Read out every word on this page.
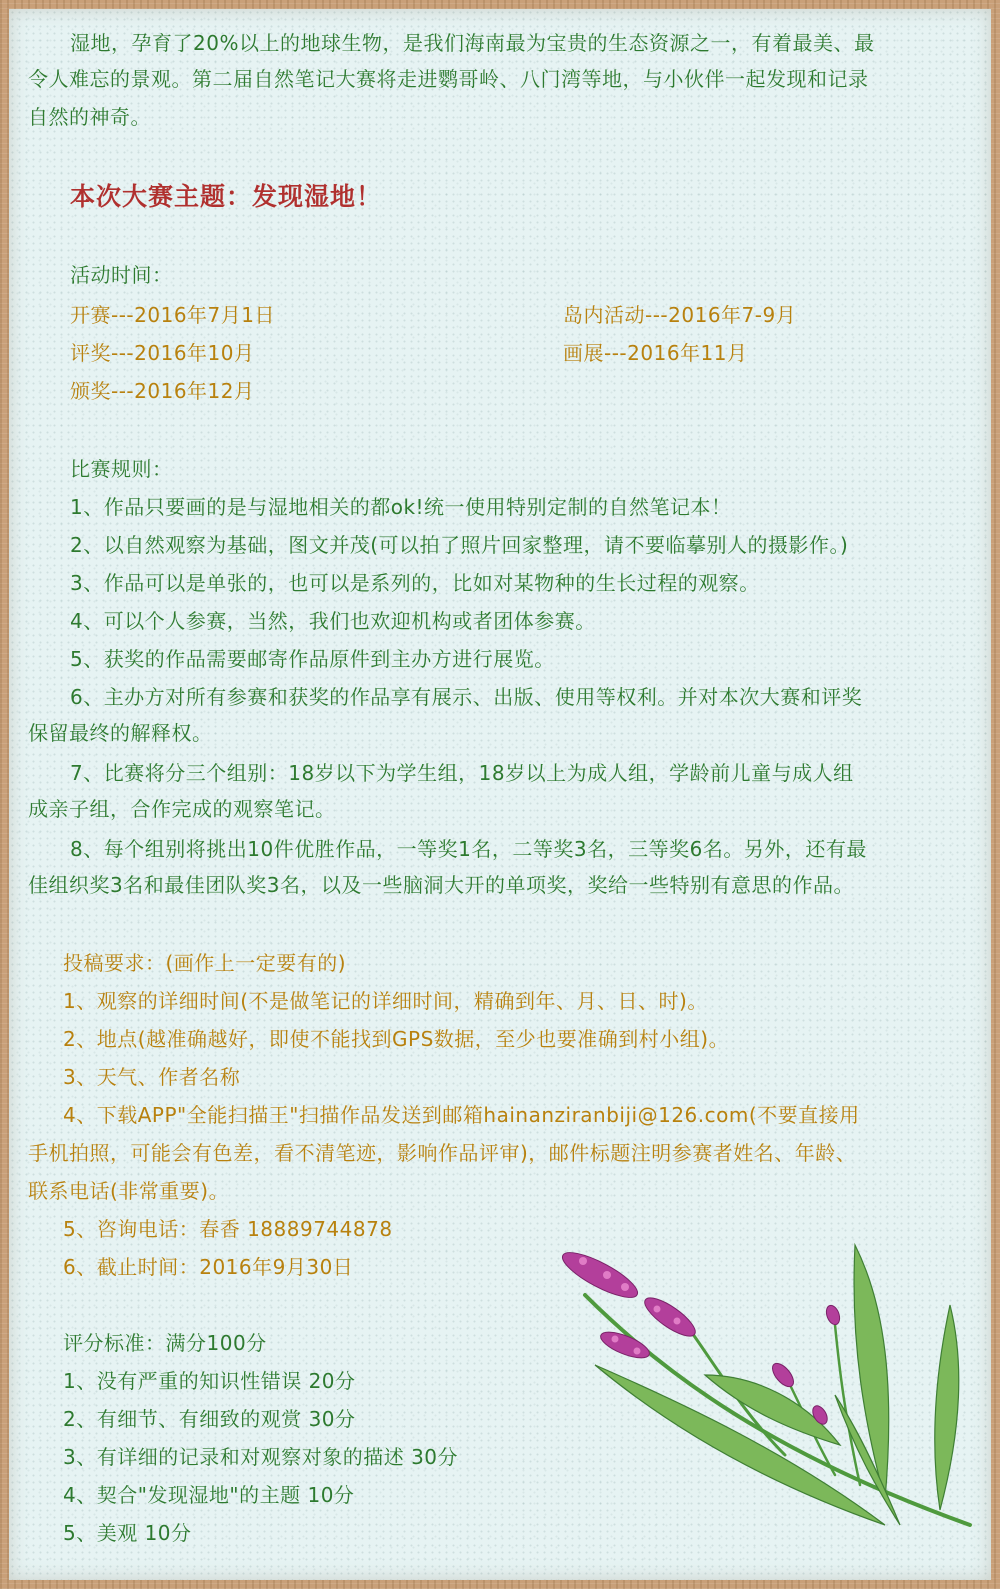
湿地，孕育了20%以上的地球生物，是我们海南最为宝贵的生态资源之一，有着最美、最

令人难忘的景观。第二届自然笔记大赛将走进鹦哥岭、八门湾等地，与小伙伴一起发现和记录

自然的神奇。

本次大赛主题：发现湿地！

活动时间：

开赛---2016年7月1日	岛内活动---2016年7-9月

评奖---2016年10月	画展---2016年11月

颁奖---2016年12月

比赛规则：

1、作品只要画的是与湿地相关的都ok!统一使用特别定制的自然笔记本！

2、以自然观察为基础，图文并茂(可以拍了照片回家整理，请不要临摹别人的摄影作。)

3、作品可以是单张的，也可以是系列的，比如对某物种的生长过程的观察。

4、可以个人参赛，当然，我们也欢迎机构或者团体参赛。

5、获奖的作品需要邮寄作品原件到主办方进行展览。

6、主办方对所有参赛和获奖的作品享有展示、出版、使用等权利。并对本次大赛和评奖

保留最终的解释权。

7、比赛将分三个组别：18岁以下为学生组，18岁以上为成人组，学龄前儿童与成人组

成亲子组，合作完成的观察笔记。

8、每个组别将挑出10件优胜作品，一等奖1名，二等奖3名，三等奖6名。另外，还有最

佳组织奖3名和最佳团队奖3名，以及一些脑洞大开的单项奖，奖给一些特别有意思的作品。

投稿要求：(画作上一定要有的)

1、观察的详细时间(不是做笔记的详细时间，精确到年、月、日、时)。

2、地点(越准确越好，即使不能找到GPS数据，至少也要准确到村小组)。

3、天气、作者名称

4、下载APP"全能扫描王"扫描作品发送到邮箱hainanziranbiji@126.com(不要直接用

手机拍照，可能会有色差，看不清笔迹，影响作品评审)，邮件标题注明参赛者姓名、年龄、

联系电话(非常重要)。

5、咨询电话：春香 18889744878

6、截止时间：2016年9月30日

评分标准：满分100分

1、没有严重的知识性错误 20分

2、有细节、有细致的观赏 30分

3、有详细的记录和对观察对象的描述 30分

4、契合"发现湿地"的主题 10分

5、美观 10分
